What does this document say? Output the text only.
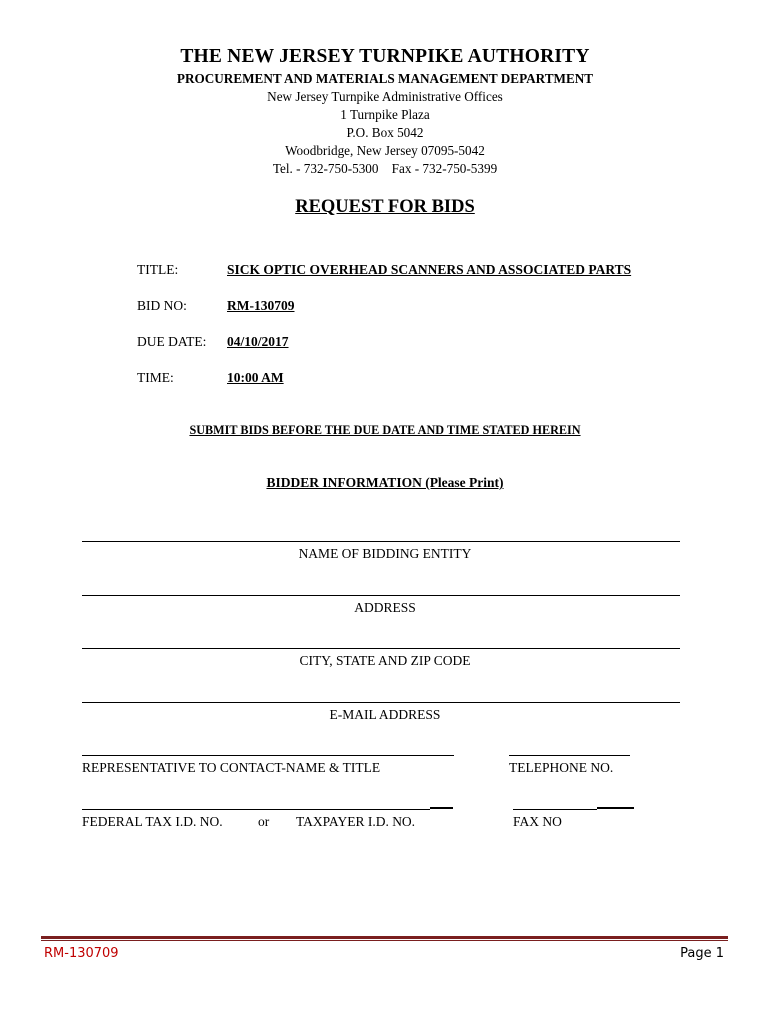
THE NEW JERSEY TURNPIKE AUTHORITY
PROCUREMENT AND MATERIALS MANAGEMENT DEPARTMENT
New Jersey Turnpike Administrative Offices
1 Turnpike Plaza
P.O. Box 5042
Woodbridge, New Jersey 07095-5042
Tel. - 732-750-5300    Fax - 732-750-5399
REQUEST FOR BIDS
TITLE:	SICK OPTIC OVERHEAD SCANNERS AND ASSOCIATED PARTS
BID NO:	RM-130709
DUE DATE: 04/10/2017
TIME:	10:00 AM
SUBMIT BIDS BEFORE THE DUE DATE AND TIME STATED HEREIN
BIDDER INFORMATION (Please Print)
NAME OF BIDDING ENTITY
ADDRESS
CITY, STATE AND ZIP CODE
E-MAIL ADDRESS
REPRESENTATIVE TO CONTACT-NAME & TITLE	TELEPHONE NO.
FEDERAL TAX I.D. NO.	or TAXPAYER I.D. NO.	FAX NO
RM-130709	Page 1
